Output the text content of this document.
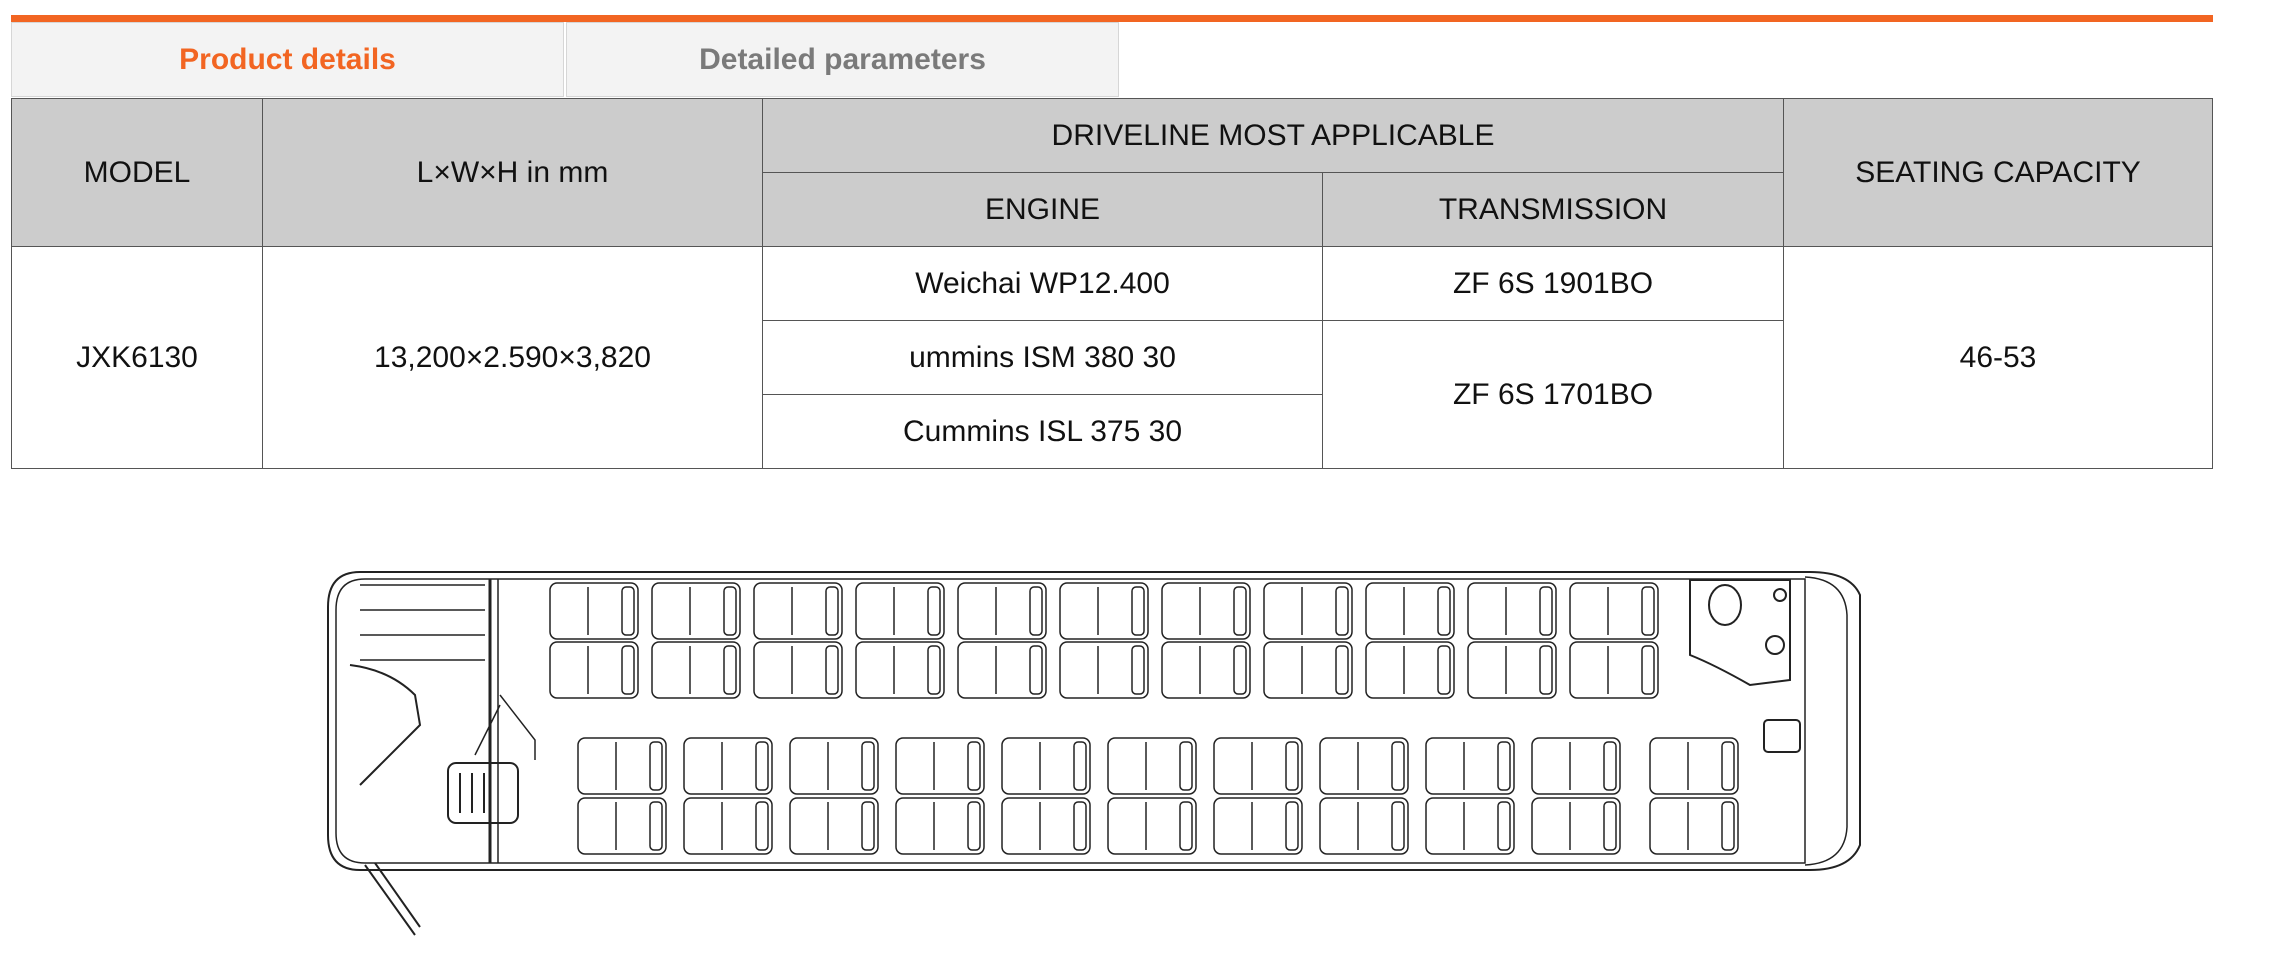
Product details	Detailed parameters
MODEL	L×W×H in mm	DRIVELINE MOST APPLICABLE		SEATING CAPACITY
		ENGINE	TRANSMISSION	
JXK6130	13,200×2.590×3,820	Weichai WP12.400	ZF 6S 1901BO	46-53
		ummins ISM 380 30	ZF 6S 1701BO	
		Cummins ISL 375 30		
